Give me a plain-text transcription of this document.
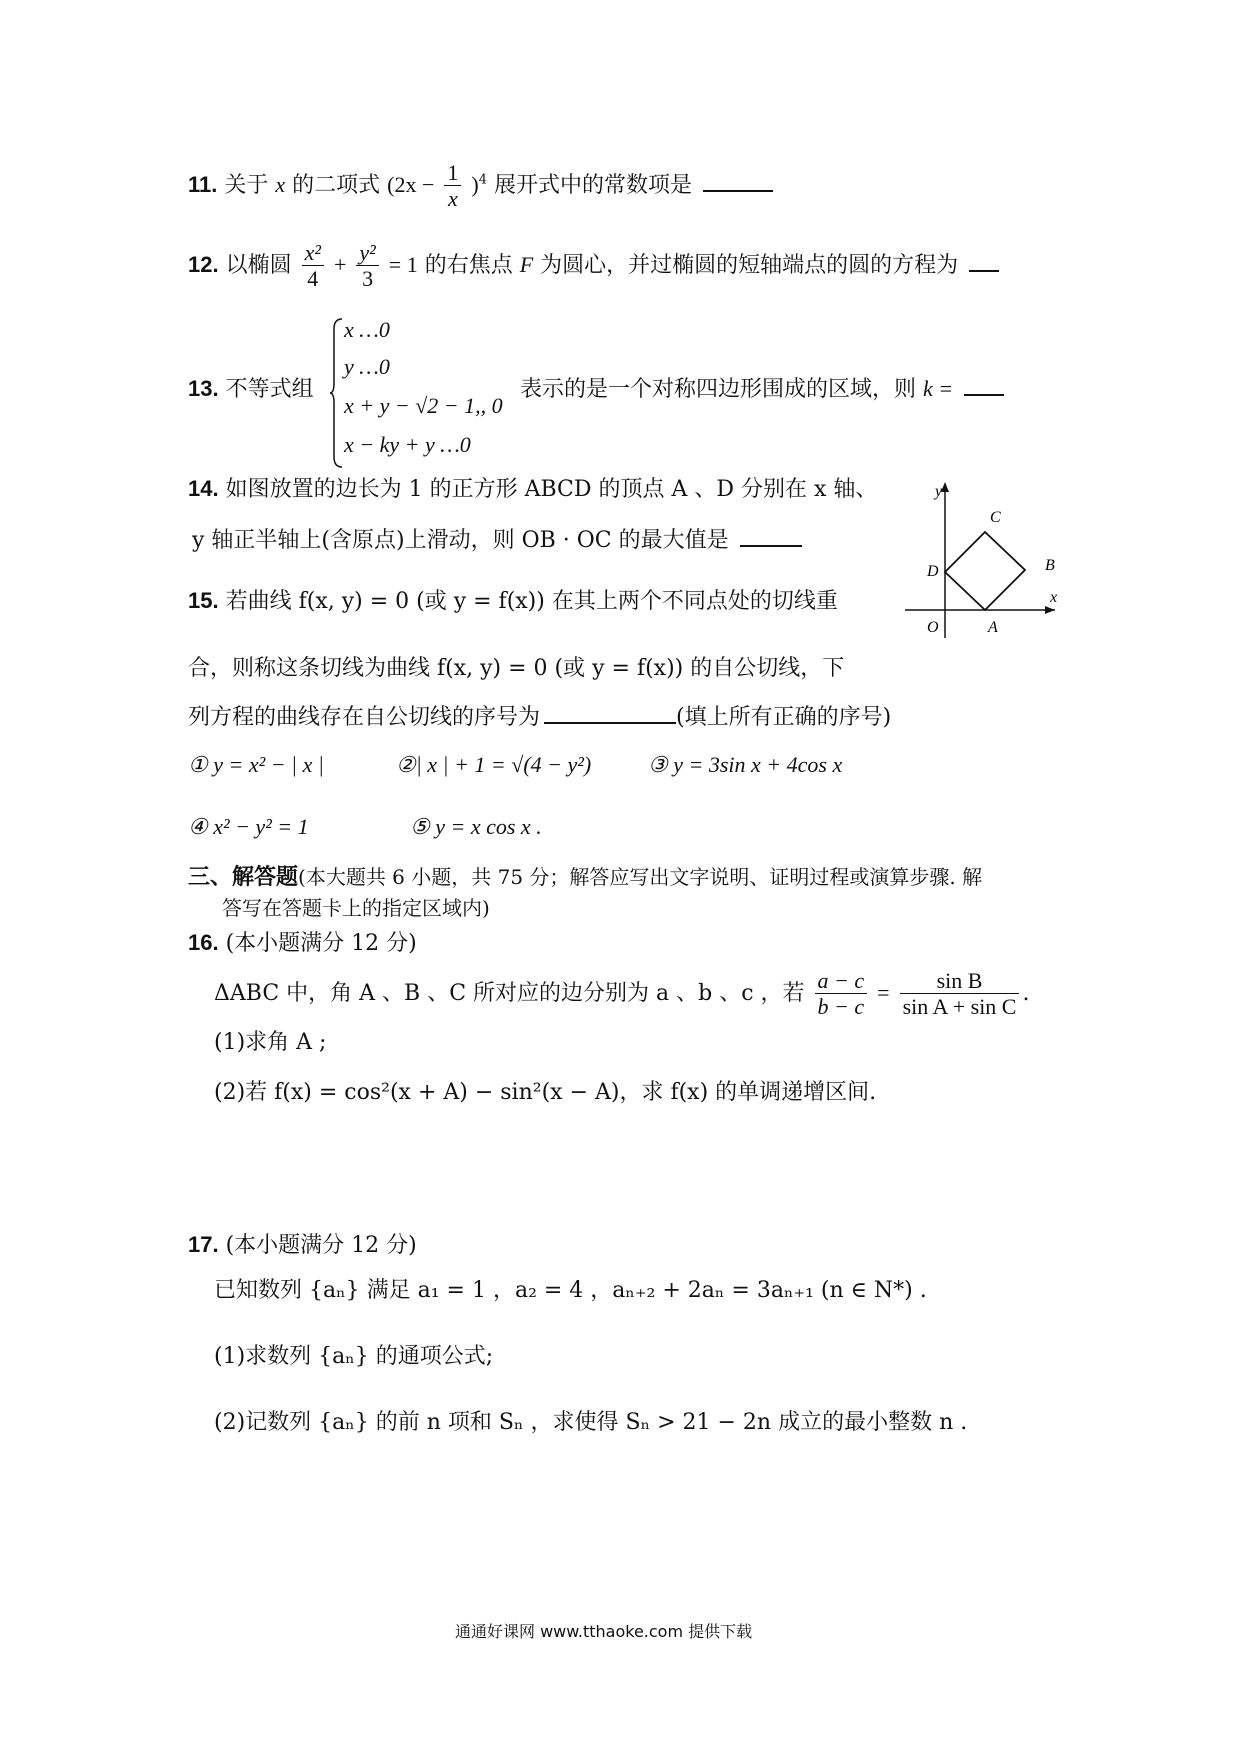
11. 关于 x 的二项式 $(2x - \frac{1}{x} )^4$ 展开式中的常数项是
12. 以椭圆 $\frac{\text{x²}}{4} + \frac{\text{y²}}{3} = 1$ 的右焦点 F 为圆心，并过椭圆的短轴端点的圆的方程为
13. 不等式组
x …0
y …0
x + y − √2 − 1,, 0
x − ky + y …0
表示的是一个对称四边形围成的区域，则 k =
14. 如图放置的边长为 1 的正方形 ABCD 的顶点 A 、D 分别在 x 轴、
y 轴正半轴上(含原点)上滑动，则 OB · OC 的最大值是
y
x
O	A
B
C
D
15. 若曲线 f(x, y) = 0 (或 y = f(x)) 在其上两个不同点处的切线重
合，则称这条切线为曲线 f(x, y) = 0 (或 y = f(x)) 的自公切线，下
列方程的曲线存在自公切线的序号为	(填上所有正确的序号)
① y = x² − | x |	②| x | + 1 = √(4 − y²)	③ y = 3sin x + 4cos x
④ x² − y² = 1	⑤ y = x cos x .
三、解答题(本大题共 6 小题，共 75 分；解答应写出文字说明、证明过程或演算步骤. 解
答写在答题卡上的指定区域内)
16. (本小题满分 12 分)
ΔABC 中，角 A 、B 、C 所对应的边分别为 a 、b 、c ，若 $\frac{a - c}{b - c} = \frac{\text{sin B}}{\text{sin A + sin C}}$ .
(1)求角 A ;
(2)若 f(x) = cos²(x + A) − sin²(x − A)，求 f(x) 的单调递增区间.
17. (本小题满分 12 分)
已知数列 {aₙ} 满足 a₁ = 1 ，a₂ = 4 ，aₙ₊₂ + 2aₙ = 3aₙ₊₁ (n ∈ N*) .
(1)求数列 {aₙ} 的通项公式;
(2)记数列 {aₙ} 的前 n 项和 Sₙ ，求使得 Sₙ > 21 − 2n 成立的最小整数 n .
通通好课网 www.tthaoke.com 提供下载
